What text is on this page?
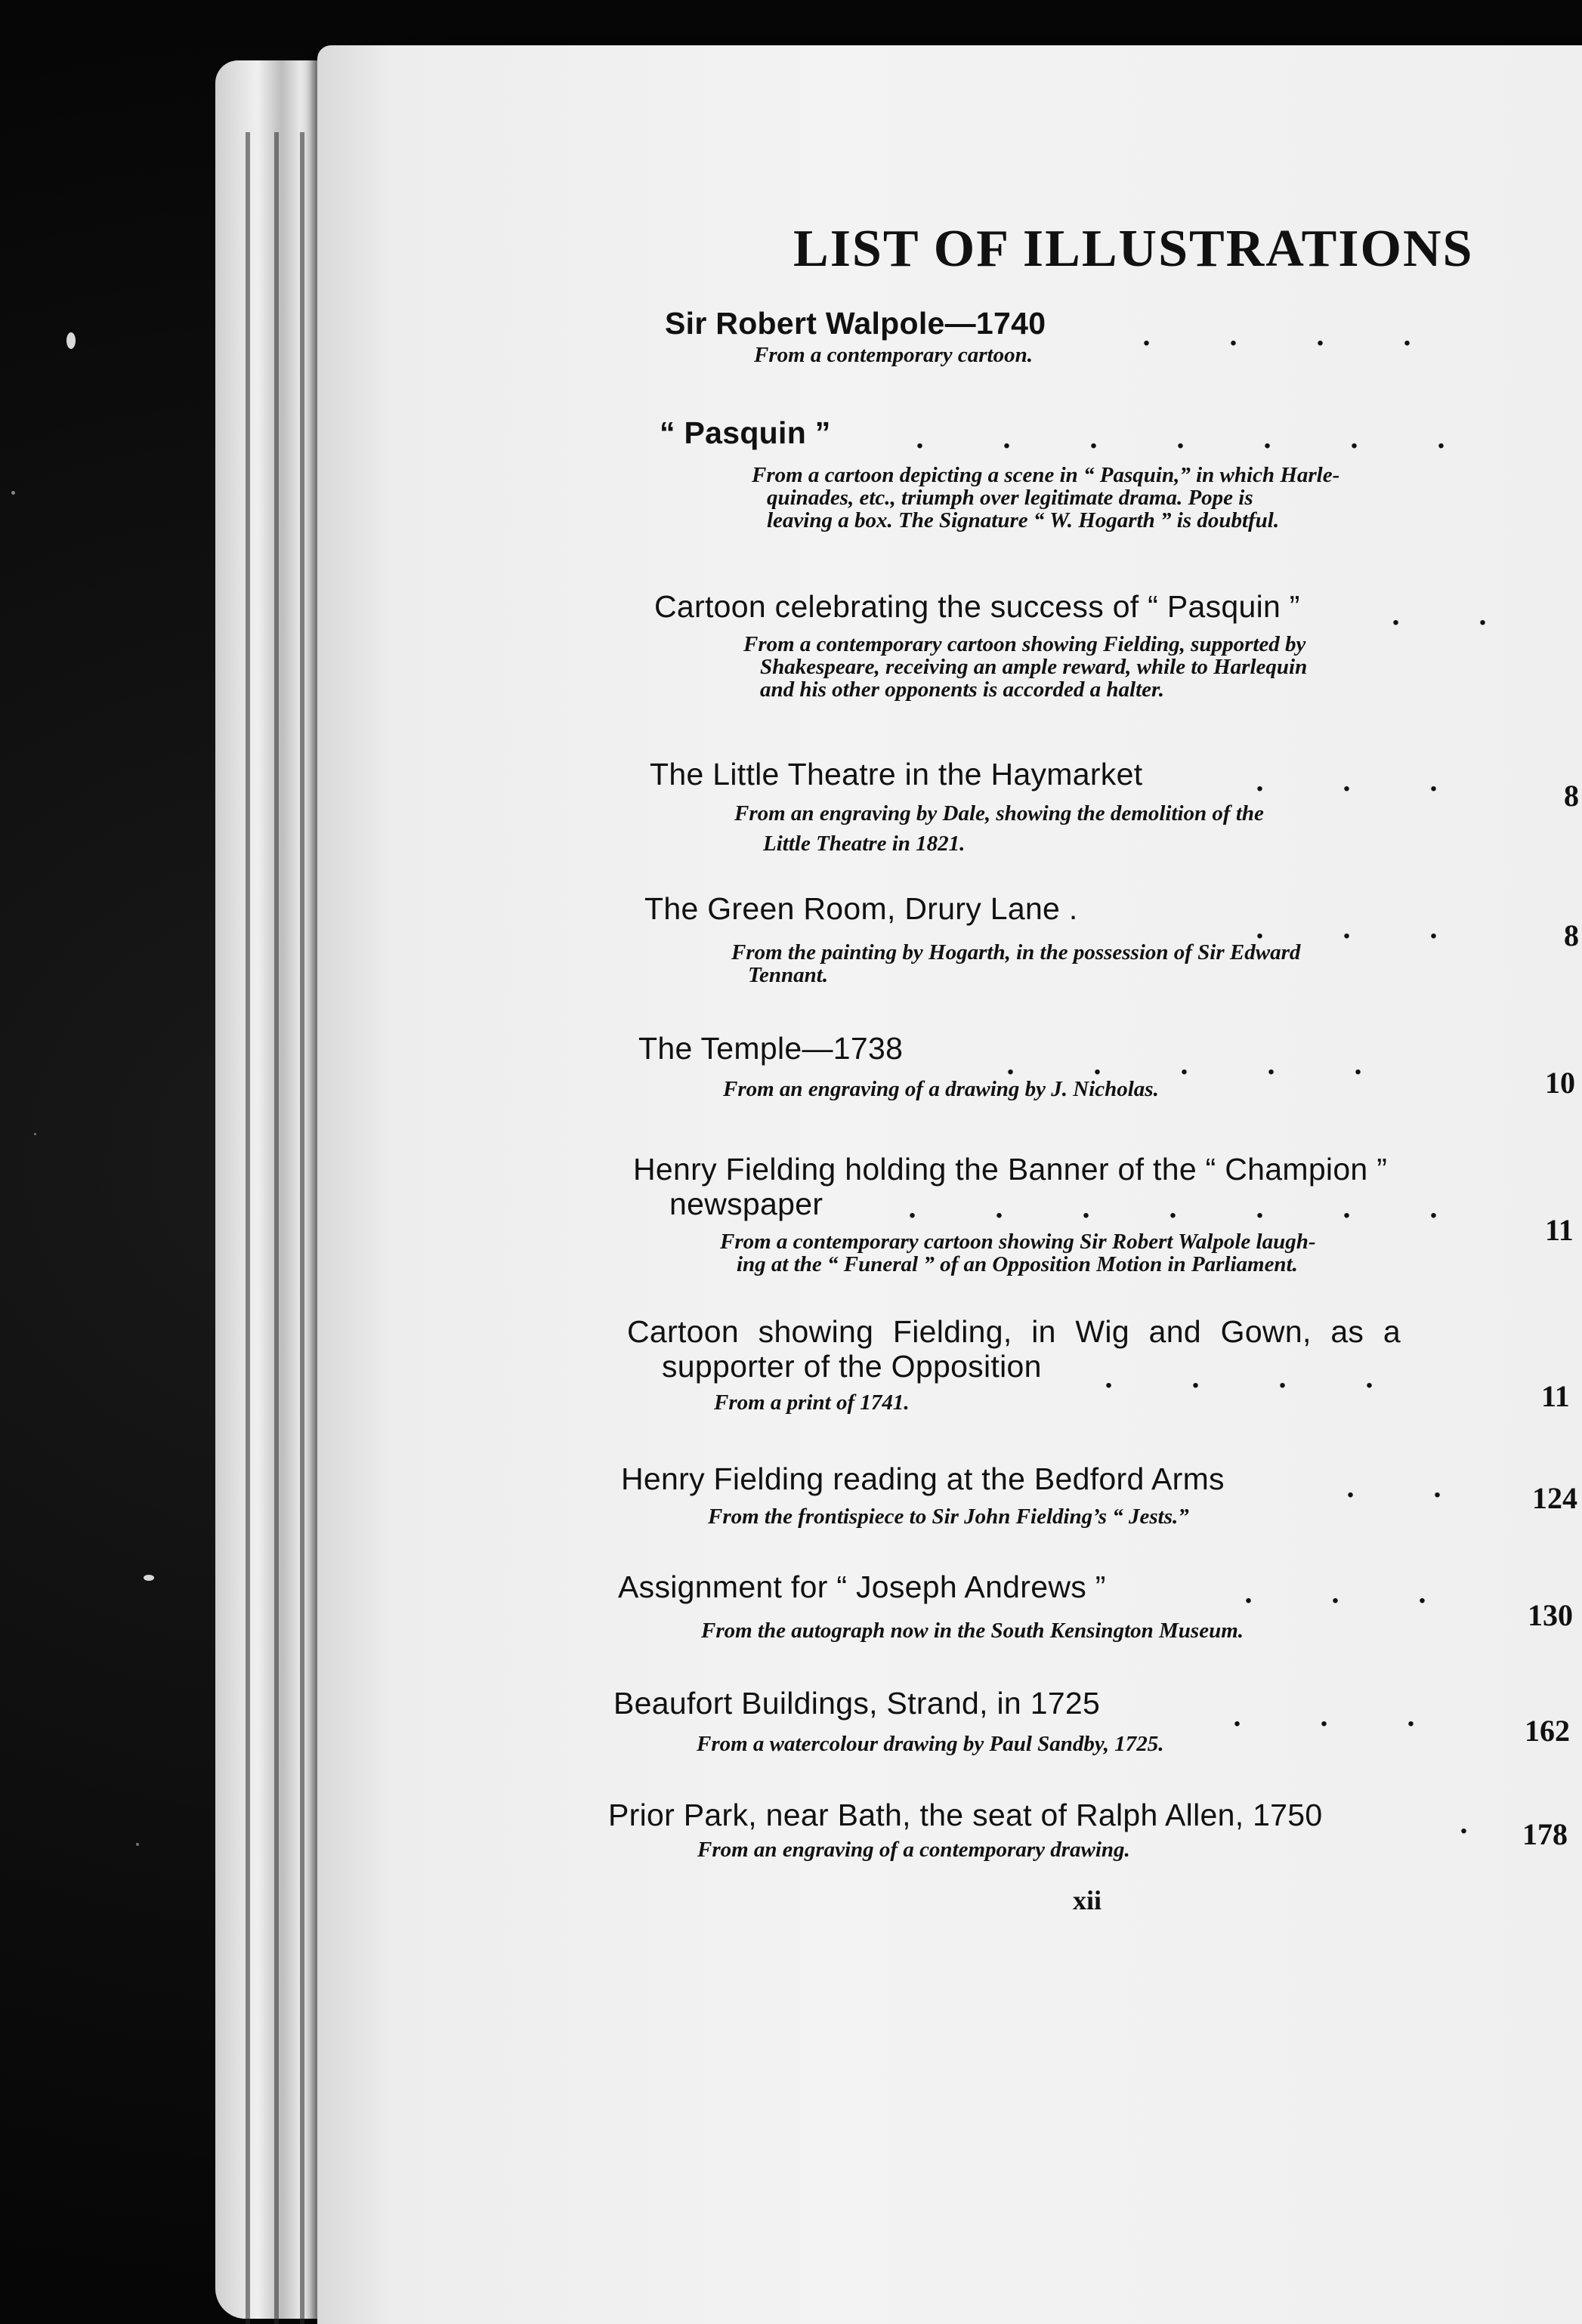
LIST OF ILLUSTRATIONS
Sir Robert Walpole—1740
From a contemporary cartoon.
.	.	.	.
“ Pasquin ”
From a cartoon depicting a scene in “ Pasquin,” in which Harle-
quinades, etc., triumph over legitimate drama. Pope is
leaving a box. The Signature “ W. Hogarth ” is doubtful.
.	.	.	.	.	.	.
Cartoon celebrating the success of “ Pasquin ”
From a contemporary cartoon showing Fielding, supported by
Shakespeare, receiving an ample reward, while to Harlequin
and his other opponents is accorded a halter.
.	.
The Little Theatre in the Haymarket
From an engraving by Dale, showing the demolition of the
Little Theatre in 1821.
.	.	.	8
The Green Room, Drury Lane .
From the painting by Hogarth, in the possession of Sir Edward
Tennant.
.	.	.	8
The Temple—1738
From an engraving of a drawing by J. Nicholas.
.	.	.	.	.
10
Henry Fielding holding the Banner of the “ Champion ”
newspaper
From a contemporary cartoon showing Sir Robert Walpole laugh-
ing at the “ Funeral ” of an Opposition Motion in Parliament.
.	.	.	.	.	.	.
11
Cartoon showing Fielding, in Wig and Gown, as a
supporter of the Opposition
From a print of 1741.
.	.	.	.
11
Henry Fielding reading at the Bedford Arms
From the frontispiece to Sir John Fielding’s “ Jests.”
.	.	124
Assignment for “ Joseph Andrews ”
From the autograph now in the South Kensington Museum.
.	.	.
130
Beaufort Buildings, Strand, in 1725
From a watercolour drawing by Paul Sandby, 1725.
.	.	.	162
Prior Park, near Bath, the seat of Ralph Allen, 1750
From an engraving of a contemporary drawing.
.	178
xii
